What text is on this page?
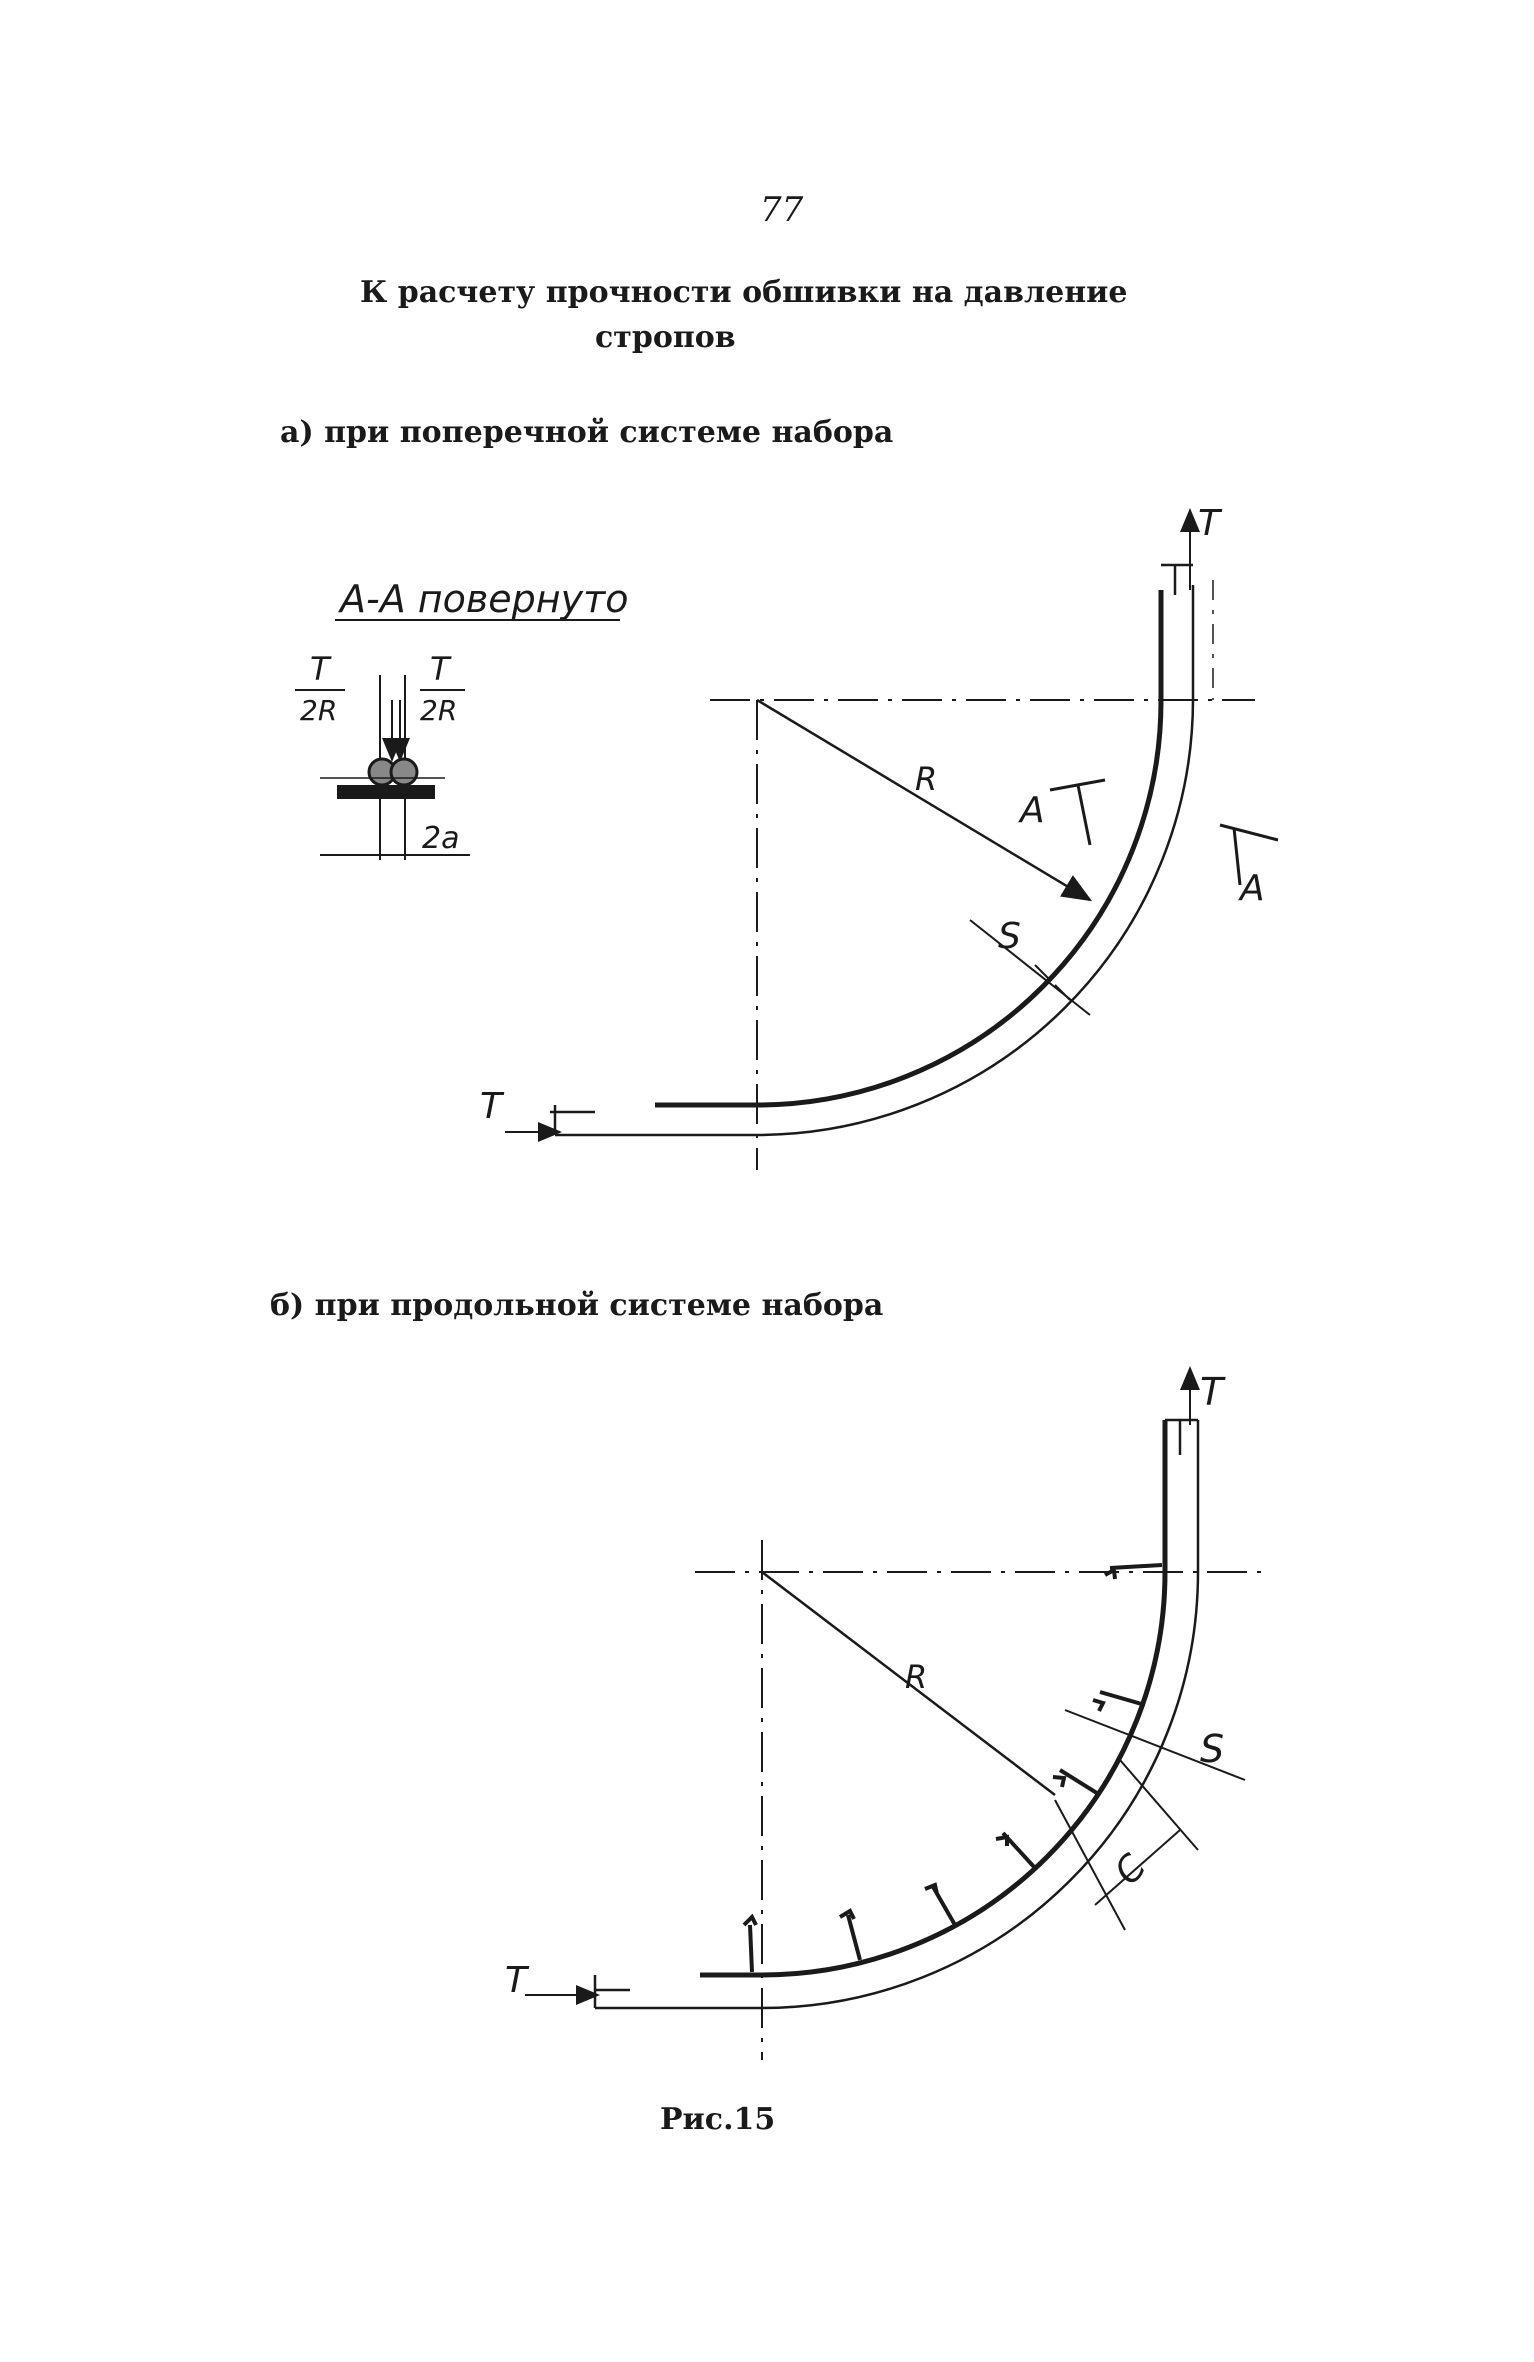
77
К расчету прочности обшивки на давление
стропов
а) при поперечной системе набора
б) при продольной системе набора
Рис.15
А-А повернуто
T
2R
T
2R
2a
R
S
A
A
T
T
R
S
C
T
T
